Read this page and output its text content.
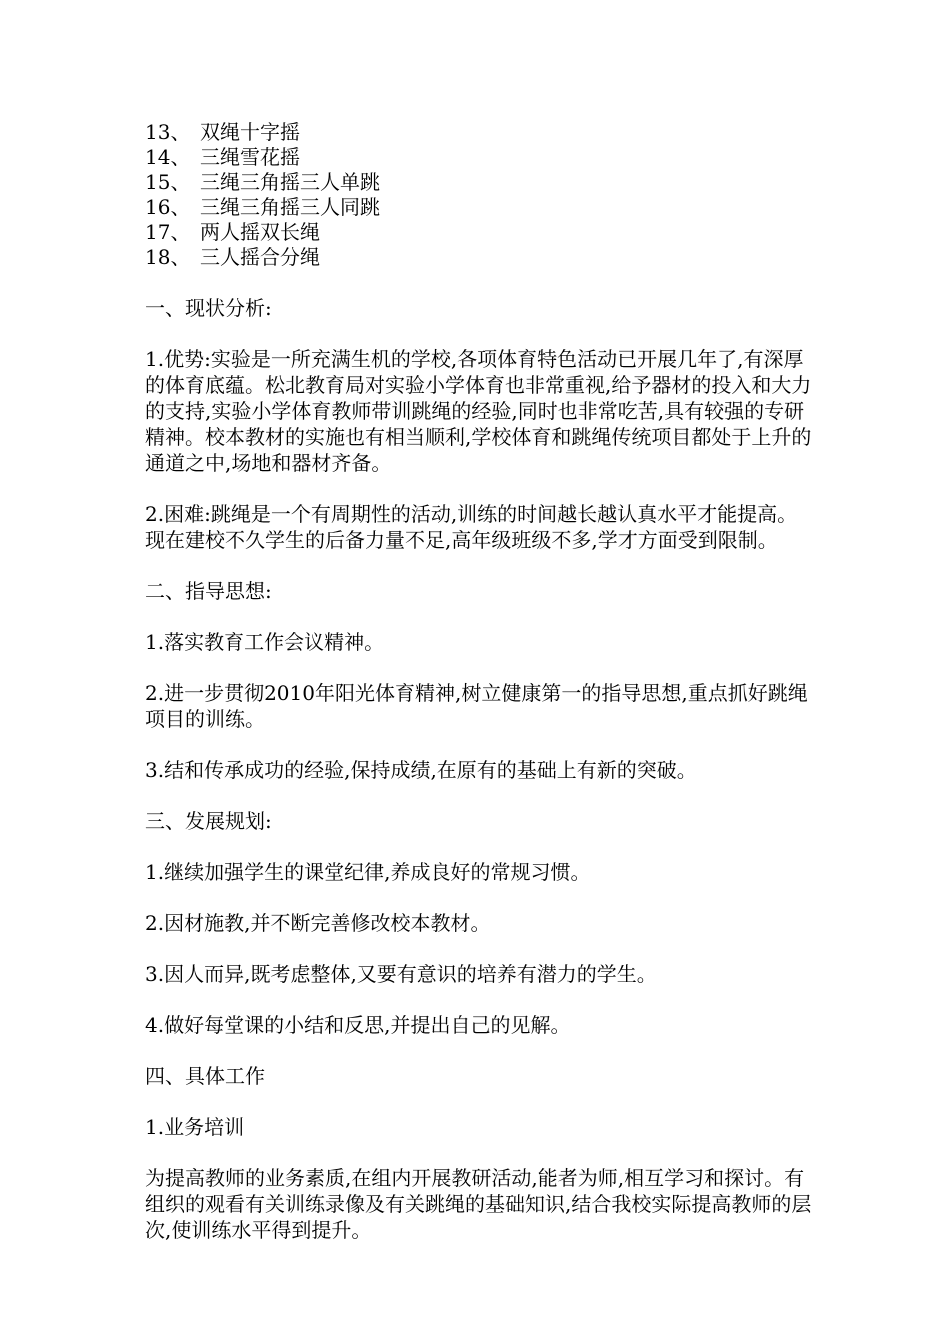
13、 双绳十字摇
14、 三绳雪花摇
15、 三绳三角摇三人单跳
16、 三绳三角摇三人同跳
17、 两人摇双长绳
18、 三人摇合分绳

一、现状分析:

1.优势:实验是一所充满生机的学校,各项体育特色活动已开展几年了,有深厚的体育底蕴。松北教育局对实验小学体育也非常重视,给予器材的投入和大力的支持,实验小学体育教师带训跳绳的经验,同时也非常吃苦,具有较强的专研精神。校本教材的实施也有相当顺利,学校体育和跳绳传统项目都处于上升的通道之中,场地和器材齐备。

2.困难:跳绳是一个有周期性的活动,训练的时间越长越认真水平才能提高。现在建校不久学生的后备力量不足,高年级班级不多,学才方面受到限制。

二、指导思想:

1.落实教育工作会议精神。

2.进一步贯彻2010年阳光体育精神,树立健康第一的指导思想,重点抓好跳绳项目的训练。

3.结和传承成功的经验,保持成绩,在原有的基础上有新的突破。

三、发展规划:

1.继续加强学生的课堂纪律,养成良好的常规习惯。

2.因材施教,并不断完善修改校本教材。

3.因人而异,既考虑整体,又要有意识的培养有潜力的学生。

4.做好每堂课的小结和反思,并提出自己的见解。

四、具体工作

1.业务培训

为提高教师的业务素质,在组内开展教研活动,能者为师,相互学习和探讨。有组织的观看有关训练录像及有关跳绳的基础知识,结合我校实际提高教师的层次,使训练水平得到提升。
